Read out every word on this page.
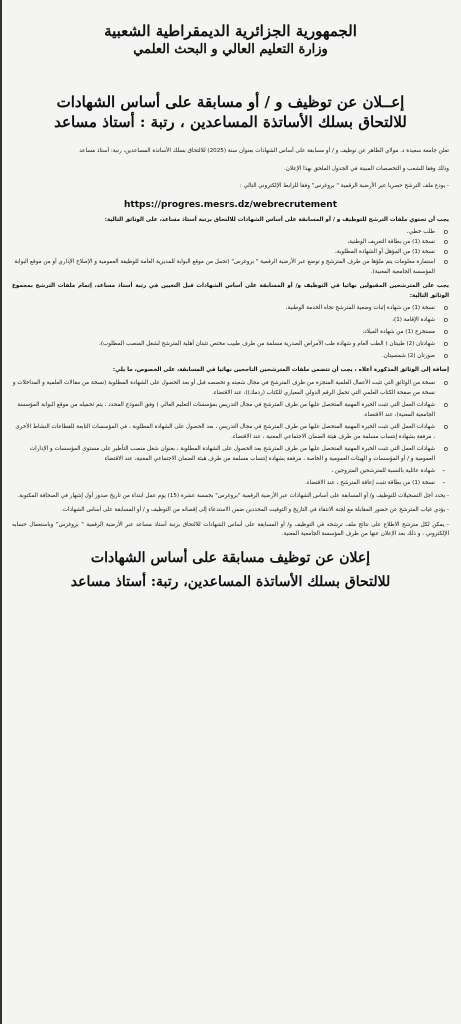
الجمهورية الجزائرية الديمقراطية الشعبية
وزارة التعليم العالي و البحث العلمي
إعــلان عن توظيف و / أو مسابقة على أساس الشهادات
للالتحاق بسلك الأساتذة المساعدين ، رتبة : أستاذ مساعد
تعلن جامعة سعيدة د. مولاي الطاهر عن توظيف و / أو مسابقة على أساس الشهادات بعنوان سنة (2025) للالتحاق بسلك الأساتذة المساعدين، رتبة: أستاذ مساعد
وذلك وفقا للشعب و التخصصات المبينة في الجدول الملحق بهذا الإعلان.
- يودع ملف الترشح حصريا عبر الأرضية الرقمية " بروغرس" وفقا للرابط الإلكتروني التالي :
https://progres.mesrs.dz/webrecrutement
يجب أن تحتوي ملفات الترشح للتوظيف و / أو المسابقة على أساس الشهادات للالتحاق برتبة أستاذ مساعد، على الوثائق التالية:
o طلب خطي،
o نسخة (1) من بطاقة التعريف الوطنية،
o نسخة (1) من المؤهل أو الشهادة المطلوبة،
o استمارة معلومات يتم ملؤها من طرف المترشح و توضع عبر الأرضية الرقمية " بروغرس" (تحمل من موقع البوابة للمديرية العامة للوظيفة العمومية و الإصلاح الإداري أو من موقع البوابة المؤسسة الجامعية المعنية).
يجب على المترشحين المقبولين نهائيا في التوظيف و/ أو المسابقة على أساس الشهادات قبل التعيين في رتبة أستاذ مساعد، إتمام ملفات الترشح بمجموع الوثائق التالية:
o نسخة (1) من شهادة إثبات وضعية المترشح تجاه الخدمة الوطنية،
o شهادة الإقامة (1)،
o مستخرج (1) من شهادة الميلاد،
o شهادتان (2) طبيتان ( الطب العام و شهادة طب الأمراض الصدرية مسلمة من طرف طبيب مختص تثبتان أهلية المترشح لشغل المنصب المطلوب)،
o صورتان (2) شمسيتان.
إضافة إلى الوثائق المذكورة أعلاه ، يجب أن تتضمن ملفات المترشحين الناجحين نهائيا في المسابقة، على الخصوص، ما يلي:
o نسخة من الوثائق التي تثبت الأعمال العلمية المنجزة من طرف المترشح في مجال شعبته و تخصصه قبل أو بعد الحصول على الشهادة المطلوبة (نسخة من مقالات العلمية و المداخلات و نسخة من صفحة الكتاب العلمي التي تحمل الرقم الدولي المعياري للكتاب (ردمك))، عند الاقتضاء.
o شهادات العمل التي تثبت الخبرة المهنية المتحصل عليها من طرف المترشح في مجال التدريس بمؤسسات التعليم العالي ( وفق النموذج المحدد ، يتم تحميله من موقع البوابة المؤسسة الجامعية المعنية)، عند الاقتضاء.
o شهادات العمل التي تثبت الخبرة المهنية المتحصل عليها من طرف المترشح في مجال التدريس ، بعد الحصول على الشهادة المطلوبة ، في المؤسسات التابعة للقطاعات النشاط الأخرى ، مرفقة بشهادة إنتساب مسلمة من طرف هيئة الضمان الاجتماعي المعنية ، عند الاقتضاء.
o شهادات العمل التي تثبت الخبرة المهنية المتحصل عليها من طرف المترشح بعد الحصول على الشهادة المطلوبة ، بعنوان شغل منصب التأطير على مستوى المؤسسات و الإدارات العمومية و / أو المؤسسات و الهيئات العمومية و الخاصة ، مرفقة بشهادة إنتساب مسلمة من طرف هيئة الضمان الاجتماعي المعنية، عند الاقتضاء
- شهادة عائلية بالنسبة للمترشحين المتزوجين ،
- نسخة (1) من بطاقة تثبت إعاقة المترشح ، عند الاقتضاء.
- يحدد أجل التسجيلات للتوظيف و/ أو المسابقة على أساس الشهادات عبر الأرضية الرقمية "بروغرس" بخمسة عشرة (15) يوم عمل ابتداء من تاريخ صدور أول إشهار في الصحافة المكتوبة.
- يؤدي غياب المترشح عن حضور المقابلة مع لجنة الانتقاء في التاريخ و التوقيت المحددين ضمن الاستدعاء إلى إقصائه من التوظيف و / أو المسابقة على أساس الشهادات.
- يمكن لكل مترشح الاطلاع على نتائج ملف ترشحه في التوظيف و/ أو المسابقة على أساس الشهادات للالتحاق برتبة أستاذ مساعد عبر الأرضية الرقمية " بروغرس" وباستعمال حسابه الإلكتروني ، و ذلك بعد الإعلان عنها من طرف المؤسسة الجامعية المعنية.
إعلان عن توظيف مسابقة على أساس الشهادات
للالتحاق بسلك الأساتذة المساعدين، رتبة: أستاذ مساعد
